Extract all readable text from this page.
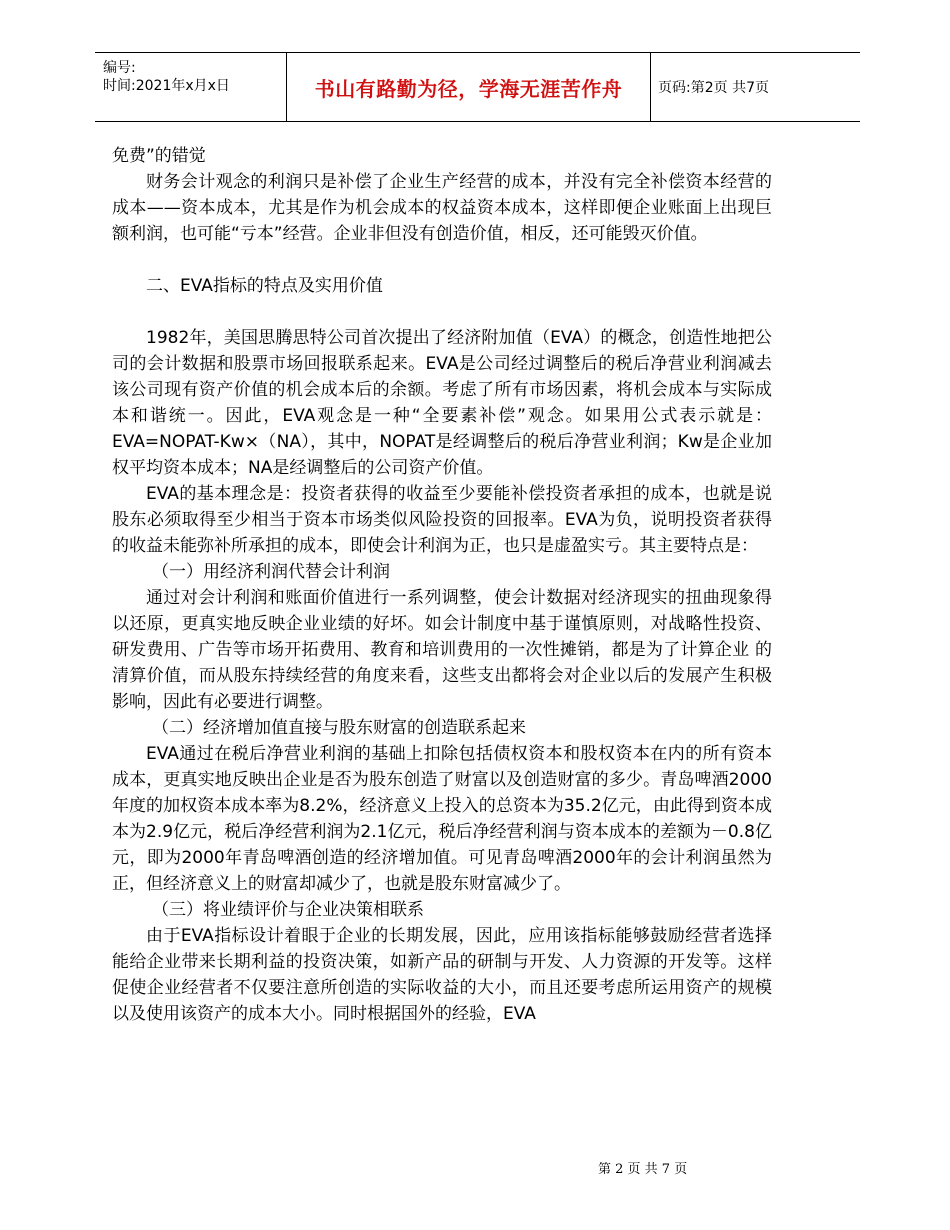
编号:
时间:2021年x月x日	书山有路勤为径，学海无涯苦作舟	页码:第2页 共7页

免费”的错觉

财务会计观念的利润只是补偿了企业生产经营的成本，并没有完全补偿资本经营的成本——资本成本，尤其是作为机会成本的权益资本成本，这样即便企业账面上出现巨额利润，也可能“亏本”经营。企业非但没有创造价值，相反，还可能毁灭价值。

二、EVA指标的特点及实用价值

1982年，美国思腾思特公司首次提出了经济附加值（EVA）的概念，创造性地把公司的会计数据和股票市场回报联系起来。EVA是公司经过调整后的税后净营业利润减去该公司现有资产价值的机会成本后的余额。考虑了所有市场因素，将机会成本与实际成本和谐统一。因此，EVA观念是一种“全要素补偿”观念。如果用公式表示就是：EVA=NOPAT-Kw×（NA），其中，NOPAT是经调整后的税后净营业利润；Kw是企业加权平均资本成本；NA是经调整后的公司资产价值。

EVA的基本理念是：投资者获得的收益至少要能补偿投资者承担的成本，也就是说股东必须取得至少相当于资本市场类似风险投资的回报率。EVA为负，说明投资者获得的收益未能弥补所承担的成本，即使会计利润为正，也只是虚盈实亏。其主要特点是：

（一）用经济利润代替会计利润

通过对会计利润和账面价值进行一系列调整，使会计数据对经济现实的扭曲现象得以还原，更真实地反映企业业绩的好坏。如会计制度中基于谨慎原则，对战略性投资、研发费用、广告等市场开拓费用、教育和培训费用的一次性摊销，都是为了计算企业 的清算价值，而从股东持续经营的角度来看，这些支出都将会对企业以后的发展产生积极影响，因此有必要进行调整。

（二）经济增加值直接与股东财富的创造联系起来

EVA通过在税后净营业利润的基础上扣除包括债权资本和股权资本在内的所有资本成本，更真实地反映出企业是否为股东创造了财富以及创造财富的多少。青岛啤酒2000年度的加权资本成本率为8.2%，经济意义上投入的总资本为35.2亿元，由此得到资本成本为2.9亿元，税后净经营利润为2.1亿元，税后净经营利润与资本成本的差额为－0.8亿元，即为2000年青岛啤酒创造的经济增加值。可见青岛啤酒2000年的会计利润虽然为正，但经济意义上的财富却减少了，也就是股东财富减少了。

（三）将业绩评价与企业决策相联系

由于EVA指标设计着眼于企业的长期发展，因此，应用该指标能够鼓励经营者选择能给企业带来长期利益的投资决策，如新产品的研制与开发、人力资源的开发等。这样促使企业经营者不仅要注意所创造的实际收益的大小，而且还要考虑所运用资产的规模以及使用该资产的成本大小。同时根据国外的经验，EVA

第 2 页 共 7 页
